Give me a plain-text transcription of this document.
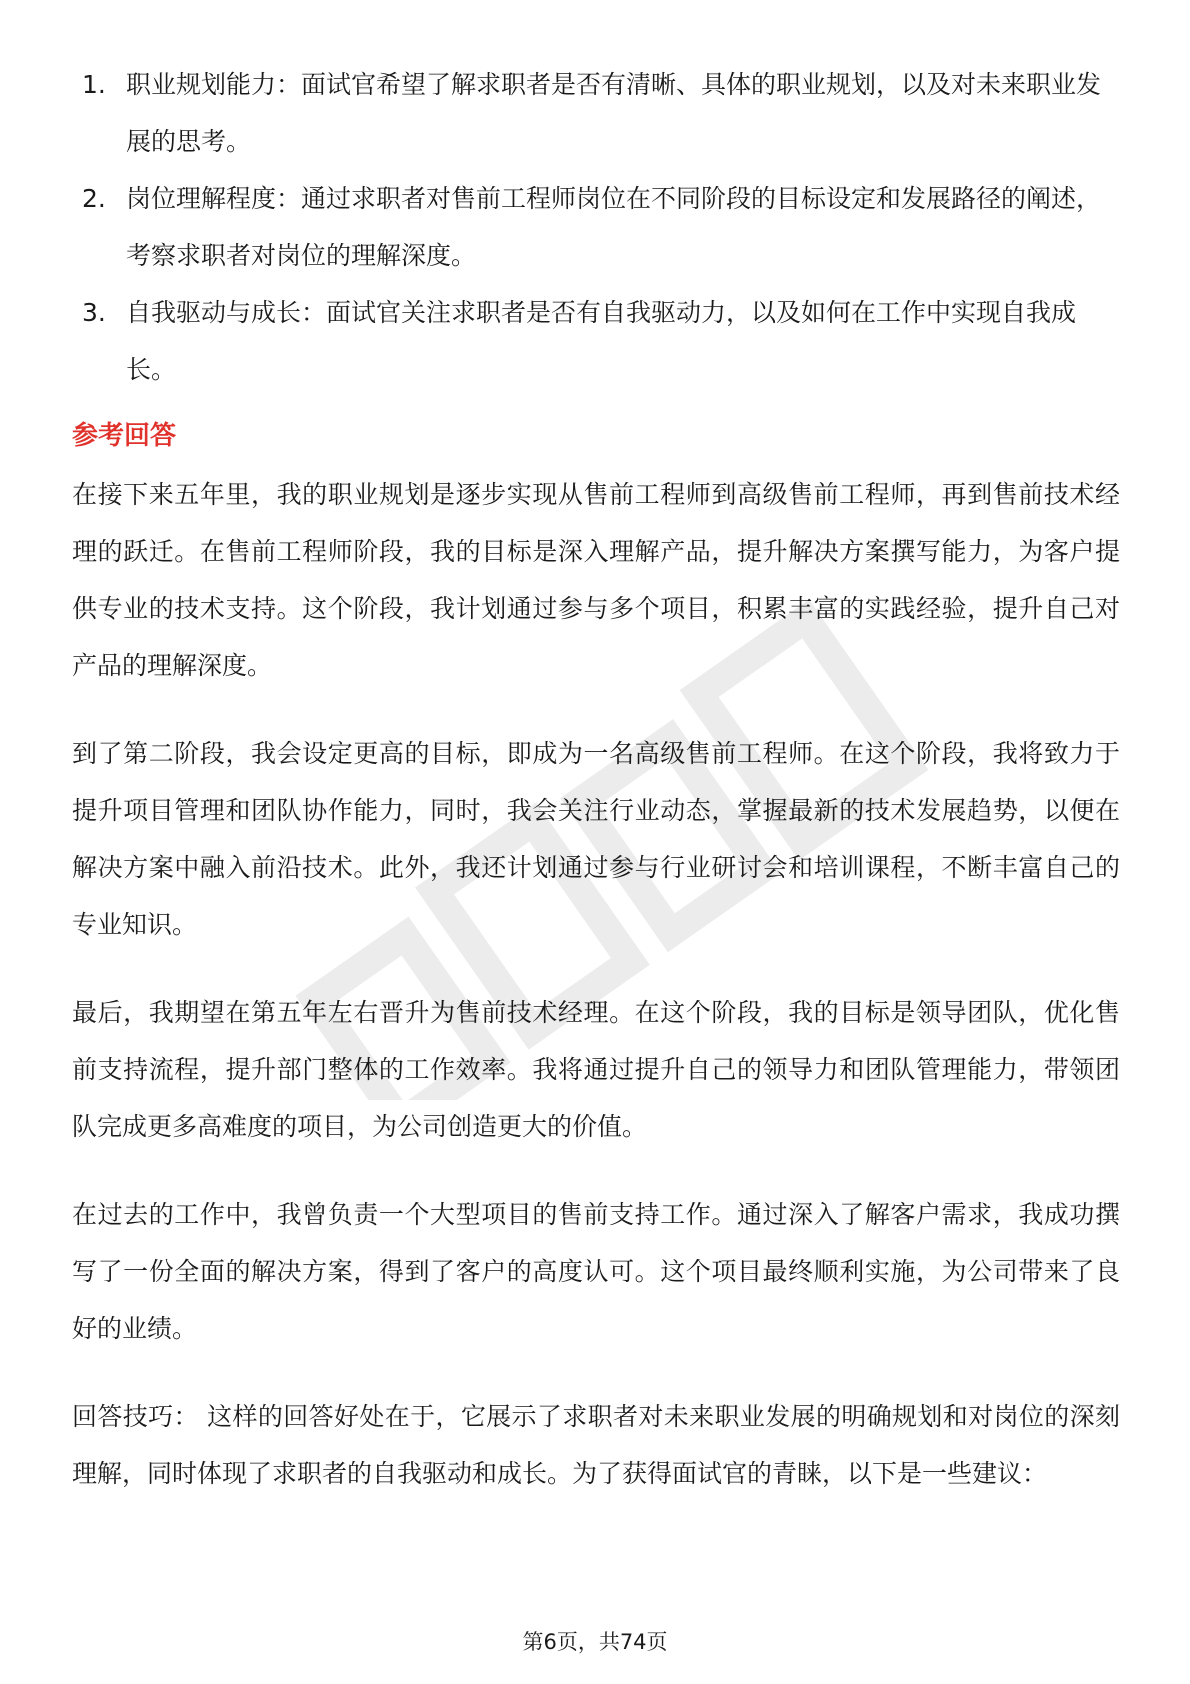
1. 职业规划能力：面试官希望了解求职者是否有清晰、具体的职业规划，以及对未来职业发展的思考。
2. 岗位理解程度：通过求职者对售前工程师岗位在不同阶段的目标设定和发展路径的阐述，考察求职者对岗位的理解深度。
3. 自我驱动与成长：面试官关注求职者是否有自我驱动力，以及如何在工作中实现自我成长。
参考回答

在接下来五年里，我的职业规划是逐步实现从售前工程师到高级售前工程师，再到售前技术经理的跃迁。在售前工程师阶段，我的目标是深入理解产品，提升解决方案撰写能力，为客户提供专业的技术支持。这个阶段，我计划通过参与多个项目，积累丰富的实践经验，提升自己对产品的理解深度。

到了第二阶段，我会设定更高的目标，即成为一名高级售前工程师。在这个阶段，我将致力于提升项目管理和团队协作能力，同时，我会关注行业动态，掌握最新的技术发展趋势，以便在解决方案中融入前沿技术。此外，我还计划通过参与行业研讨会和培训课程，不断丰富自己的专业知识。

最后，我期望在第五年左右晋升为售前技术经理。在这个阶段，我的目标是领导团队，优化售前支持流程，提升部门整体的工作效率。我将通过提升自己的领导力和团队管理能力，带领团队完成更多高难度的项目，为公司创造更大的价值。

在过去的工作中，我曾负责一个大型项目的售前支持工作。通过深入了解客户需求，我成功撰写了一份全面的解决方案，得到了客户的高度认可。这个项目最终顺利实施，为公司带来了良好的业绩。

回答技巧： 这样的回答好处在于，它展示了求职者对未来职业发展的明确规划和对岗位的深刻理解，同时体现了求职者的自我驱动和成长。为了获得面试官的青睐，以下是一些建议：

第6页，共74页
